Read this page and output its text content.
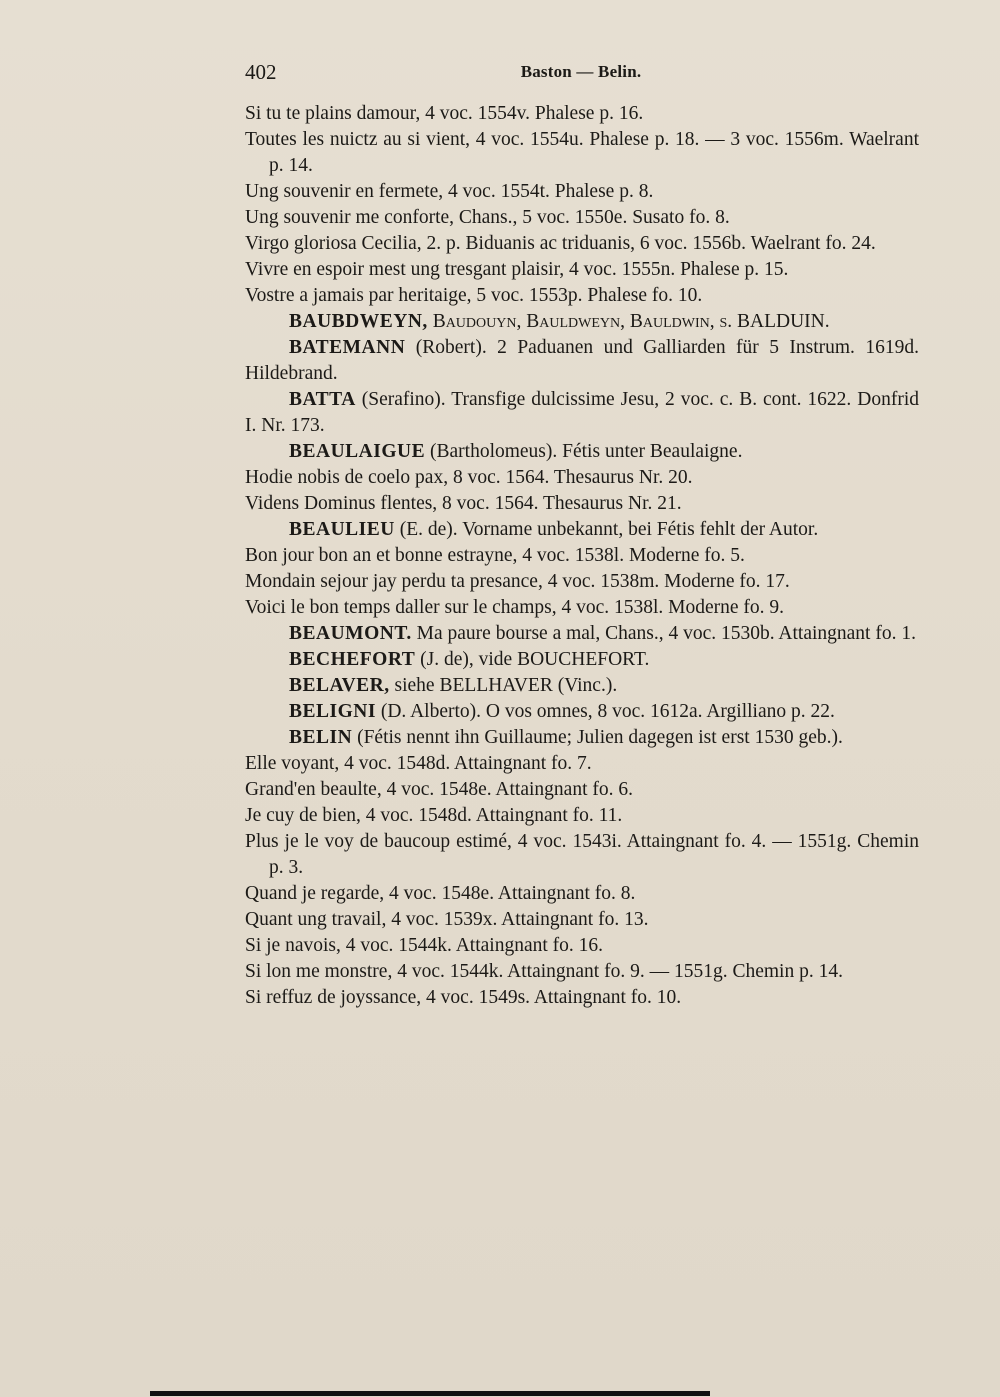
402	Baston — Belin.

Si tu te plains damour, 4 voc. 1554v. Phalese p. 16.

Toutes les nuictz au si vient, 4 voc. 1554u. Phalese p. 18. — 3 voc. 1556m. Waelrant p. 14.

Ung souvenir en fermete, 4 voc. 1554t. Phalese p. 8.

Ung souvenir me conforte, Chans., 5 voc. 1550e. Susato fo. 8.

Virgo gloriosa Cecilia, 2. p. Biduanis ac triduanis, 6 voc. 1556b. Waelrant fo. 24.

Vivre en espoir mest ung tresgant plaisir, 4 voc. 1555n. Phalese p. 15.

Vostre a jamais par heritaige, 5 voc. 1553p. Phalese fo. 10.

BAUBDWEYN, Baudouyn, Bauldweyn, Bauldwin, s. BALDUIN.

BATEMANN (Robert). 2 Paduanen und Galliarden für 5 Instrum. 1619d. Hildebrand.

BATTA (Serafino). Transfige dulcissime Jesu, 2 voc. c. B. cont. 1622. Donfrid I. Nr. 173.

BEAULAIGUE (Bartholomeus). Fétis unter Beaulaigne.

Hodie nobis de coelo pax, 8 voc. 1564. Thesaurus Nr. 20.

Videns Dominus flentes, 8 voc. 1564. Thesaurus Nr. 21.

BEAULIEU (E. de). Vorname unbekannt, bei Fétis fehlt der Autor.

Bon jour bon an et bonne estrayne, 4 voc. 1538l. Moderne fo. 5.

Mondain sejour jay perdu ta presance, 4 voc. 1538m. Moderne fo. 17.

Voici le bon temps daller sur le champs, 4 voc. 1538l. Moderne fo. 9.

BEAUMONT. Ma paure bourse a mal, Chans., 4 voc. 1530b. Attaingnant fo. 1.

BECHEFORT (J. de), vide BOUCHEFORT.

BELAVER, siehe BELLHAVER (Vinc.).

BELIGNI (D. Alberto). O vos omnes, 8 voc. 1612a. Argilliano p. 22.

BELIN (Fétis nennt ihn Guillaume; Julien dagegen ist erst 1530 geb.).

Elle voyant, 4 voc. 1548d. Attaingnant fo. 7.

Grand'en beaulte, 4 voc. 1548e. Attaingnant fo. 6.

Je cuy de bien, 4 voc. 1548d. Attaingnant fo. 11.

Plus je le voy de baucoup estimé, 4 voc. 1543i. Attaingnant fo. 4. — 1551g. Chemin p. 3.

Quand je regarde, 4 voc. 1548e. Attaingnant fo. 8.

Quant ung travail, 4 voc. 1539x. Attaingnant fo. 13.

Si je navois, 4 voc. 1544k. Attaingnant fo. 16.

Si lon me monstre, 4 voc. 1544k. Attaingnant fo. 9. — 1551g. Chemin p. 14.

Si reffuz de joyssance, 4 voc. 1549s. Attaingnant fo. 10.
